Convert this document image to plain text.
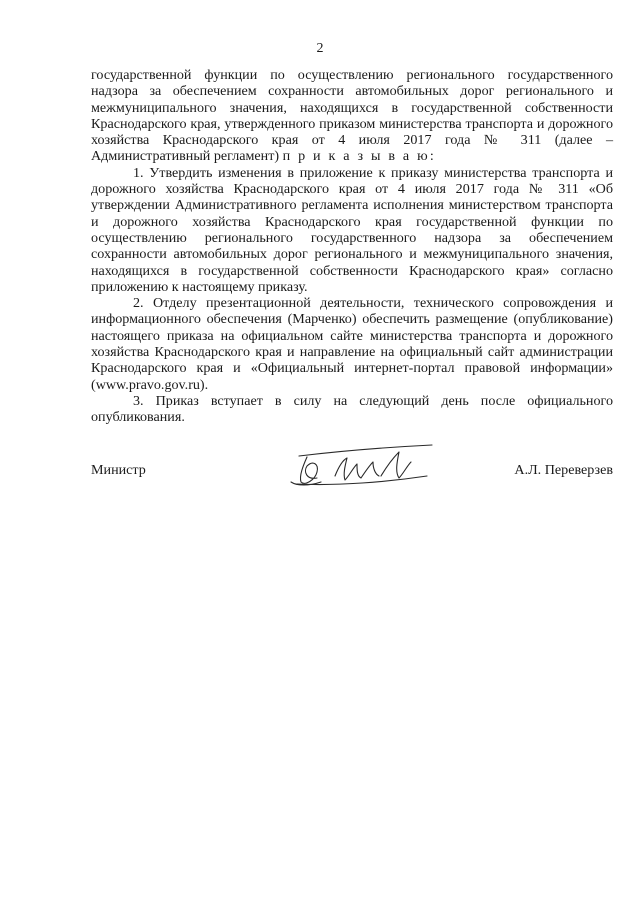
2

государственной функции по осуществлению регионального государственного надзора за обеспечением сохранности автомобильных дорог регионального и межмуниципального значения, находящихся в государственной собственности Краснодарского края, утвержденного приказом министерства транспорта и дорожного хозяйства Краснодарского края от 4 июля 2017 года № 311 (далее – Административный регламент) п р и к а з ы в а ю:

1. Утвердить изменения в приложение к приказу министерства транспорта и дорожного хозяйства Краснодарского края от 4 июля 2017 года № 311 «Об утверждении Административного регламента исполнения министерством транспорта и дорожного хозяйства Краснодарского края государственной функции по осуществлению регионального государственного надзора за обеспечением сохранности автомобильных дорог регионального и межмуниципального значения, находящихся в государственной собственности Краснодарского края» согласно приложению к настоящему приказу.

2. Отделу презентационной деятельности, технического сопровождения и информационного обеспечения (Марченко) обеспечить размещение (опубликование) настоящего приказа на официальном сайте министерства транспорта и дорожного хозяйства Краснодарского края и направление на официальный сайт администрации Краснодарского края и «Официальный интернет-портал правовой информации» (www.pravo.gov.ru).

3. Приказ вступает в силу на следующий день после официального опубликования.

Министр	А.Л. Переверзев
